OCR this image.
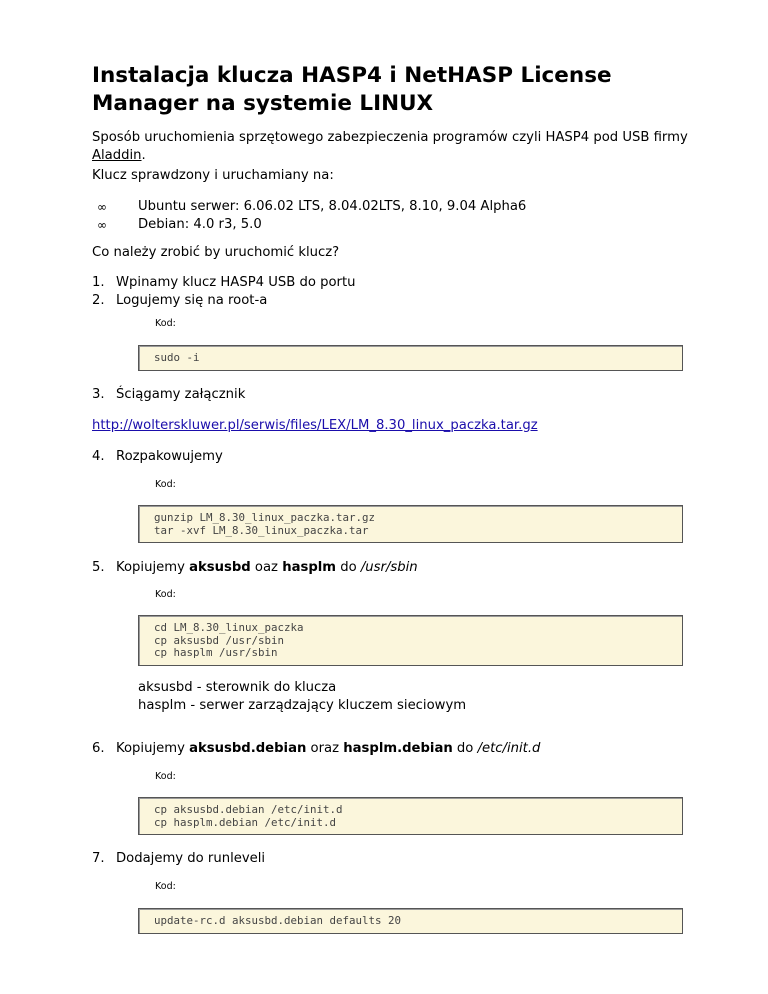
Instalacja klucza HASP4 i NetHASP License Manager na systemie LINUX

Sposób uruchomienia sprzętowego zabezpieczenia programów czyli HASP4 pod USB firmy Aladdin.

Klucz sprawdzony i uruchamiany na:

∞	Ubuntu serwer: 6.06.02 LTS, 8.04.02LTS, 8.10, 9.04 Alpha6
∞	Debian: 4.0 r3, 5.0

Co należy zrobić by uruchomić klucz?

1. Wpinamy klucz HASP4 USB do portu
2. Logujemy się na root-a
Kod:
sudo -i
3. Ściągamy załącznik

http://wolterskluwer.pl/serwis/files/LEX/LM_8.30_linux_paczka.tar.gz

4. Rozpakowujemy
Kod:
gunzip LM_8.30_linux_paczka.tar.gz
tar -xvf LM_8.30_linux_paczka.tar
5. Kopiujemy aksusbd oaz hasplm do /usr/sbin
Kod:
cd LM_8.30_linux_paczka
cp aksusbd /usr/sbin
cp hasplm /usr/sbin
aksusbd - sterownik do klucza
hasplm - serwer zarządzający kluczem sieciowym
6. Kopiujemy aksusbd.debian oraz hasplm.debian do /etc/init.d
Kod:
cp aksusbd.debian /etc/init.d
cp hasplm.debian /etc/init.d
7. Dodajemy do runleveli
Kod:
update-rc.d aksusbd.debian defaults 20
